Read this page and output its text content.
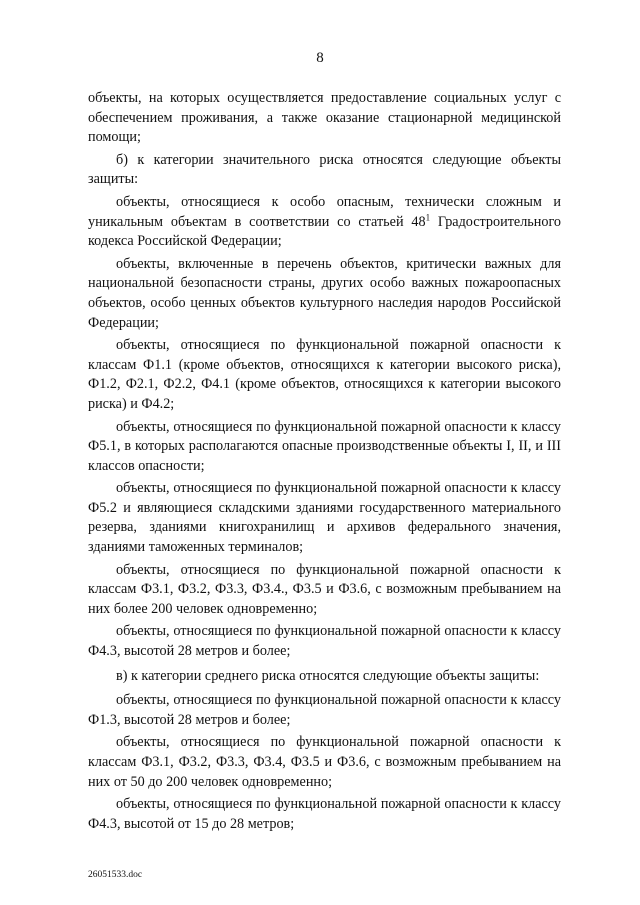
8

объекты, на которых осуществляется предоставление социальных услуг с обеспечением проживания, а также оказание стационарной медицинской помощи;

б) к категории значительного риска относятся следующие объекты защиты:

объекты, относящиеся к особо опасным, технически сложным и уникальным объектам в соответствии со статьей $48^1$ Градостроительного кодекса Российской Федерации;

объекты, включенные в перечень объектов, критически важных для национальной безопасности страны, других особо важных пожароопасных объектов, особо ценных объектов культурного наследия народов Российской Федерации;

объекты, относящиеся по функциональной пожарной опасности к классам Ф1.1 (кроме объектов, относящихся к категории высокого риска), Ф1.2, Ф2.1, Ф2.2, Ф4.1 (кроме объектов, относящихся к категории высокого риска) и Ф4.2;

объекты, относящиеся по функциональной пожарной опасности к классу Ф5.1, в которых располагаются опасные производственные объекты I, II, и III классов опасности;

объекты, относящиеся по функциональной пожарной опасности к классу Ф5.2 и являющиеся складскими зданиями государственного материального резерва, зданиями книгохранилищ и архивов федерального значения, зданиями таможенных терминалов;

объекты, относящиеся по функциональной пожарной опасности к классам Ф3.1, Ф3.2, Ф3.3, Ф3.4., Ф3.5 и Ф3.6, с возможным пребыванием на них более 200 человек одновременно;

объекты, относящиеся по функциональной пожарной опасности к классу Ф4.3, высотой 28 метров и более;

в) к категории среднего риска относятся следующие объекты защиты:

объекты, относящиеся по функциональной пожарной опасности к классу Ф1.3, высотой 28 метров и более;

объекты, относящиеся по функциональной пожарной опасности к классам Ф3.1, Ф3.2, Ф3.3, Ф3.4, Ф3.5 и Ф3.6, с возможным пребыванием на них от 50 до 200 человек одновременно;

объекты, относящиеся по функциональной пожарной опасности к классу Ф4.3, высотой от 15 до 28 метров;

26051533.doc
